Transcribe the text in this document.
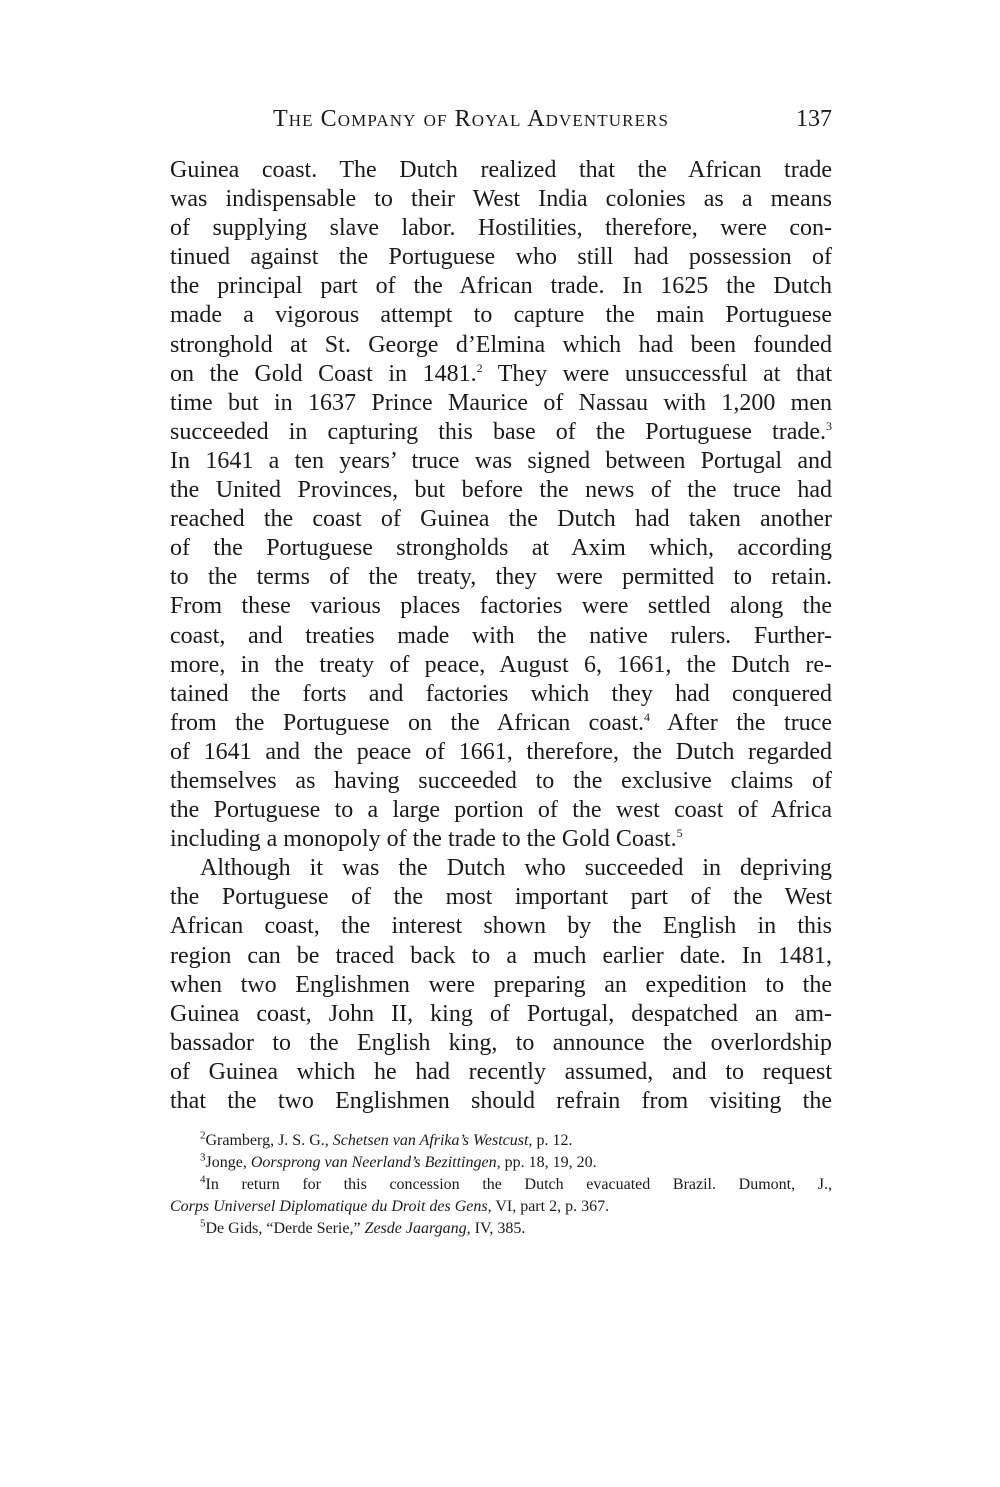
The Company of Royal Adventurers	137
Guinea coast. The Dutch realized that the African trade
was indispensable to their West India colonies as a means
of supplying slave labor. Hostilities, therefore, were con-
tinued against the Portuguese who still had possession of
the principal part of the African trade. In 1625 the Dutch
made a vigorous attempt to capture the main Portuguese
stronghold at St. George d’Elmina which had been founded
on the Gold Coast in 1481.$^2$ They were unsuccessful at that
time but in 1637 Prince Maurice of Nassau with 1,200 men
succeeded in capturing this base of the Portuguese trade.$^3$
In 1641 a ten years’ truce was signed between Portugal and
the United Provinces, but before the news of the truce had
reached the coast of Guinea the Dutch had taken another
of the Portuguese strongholds at Axim which, according
to the terms of the treaty, they were permitted to retain.
From these various places factories were settled along the
coast, and treaties made with the native rulers. Further-
more, in the treaty of peace, August 6, 1661, the Dutch re-
tained the forts and factories which they had conquered
from the Portuguese on the African coast.$^4$ After the truce
of 1641 and the peace of 1661, therefore, the Dutch regarded
themselves as having succeeded to the exclusive claims of
the Portuguese to a large portion of the west coast of Africa
including a monopoly of the trade to the Gold Coast.$^5$
Although it was the Dutch who succeeded in depriving
the Portuguese of the most important part of the West
African coast, the interest shown by the English in this
region can be traced back to a much earlier date. In 1481,
when two Englishmen were preparing an expedition to the
Guinea coast, John II, king of Portugal, despatched an am-
bassador to the English king, to announce the overlordship
of Guinea which he had recently assumed, and to request
that the two Englishmen should refrain from visiting the
$^2$Gramberg, J. S. G., Schetsen van Afrika’s Westcust, p. 12.
$^3$Jonge, Oorsprong van Neerland’s Bezittingen, pp. 18, 19, 20.
$^4$In return for this concession the Dutch evacuated Brazil. Dumont, J.,
Corps Universel Diplomatique du Droit des Gens, VI, part 2, p. 367.
$^5$De Gids, “Derde Serie,” Zesde Jaargang, IV, 385.
